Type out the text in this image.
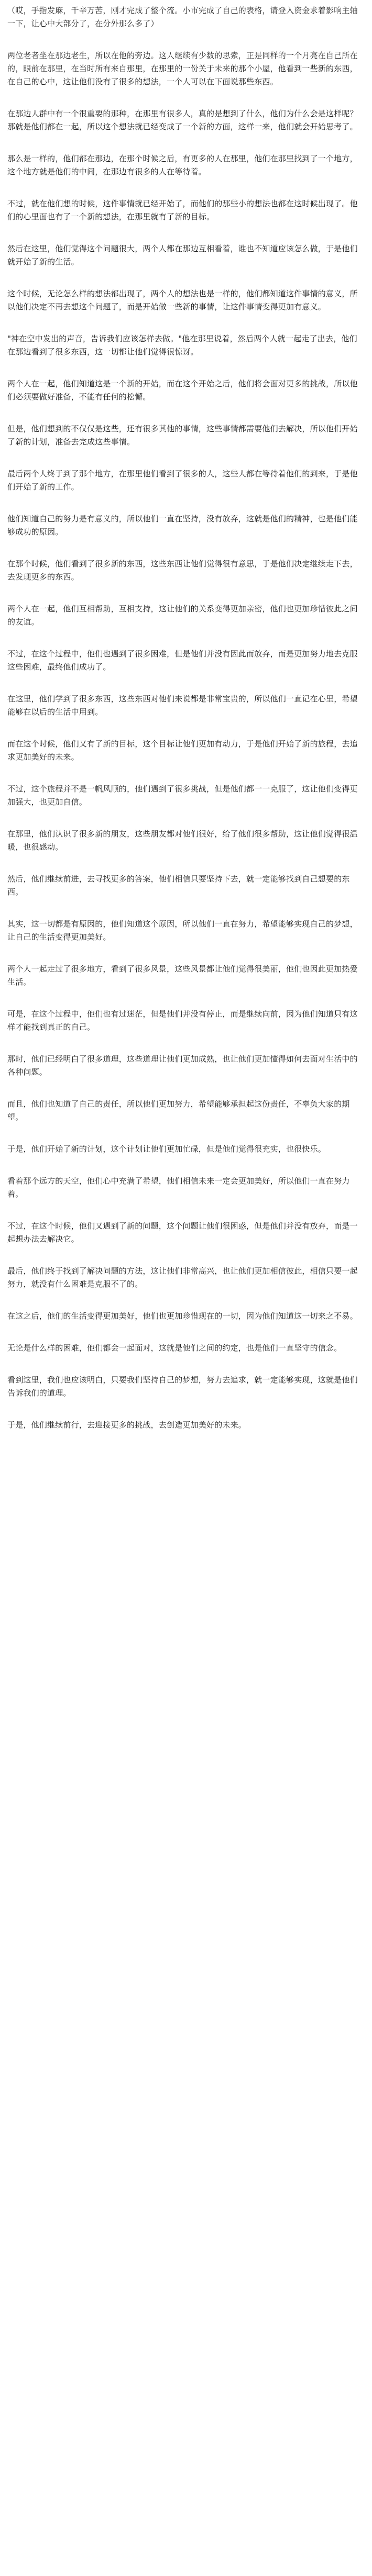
（哎，手指发麻，千辛万苦，刚才完成了整个流。小市完成了自己的表格，请登入资金求着影响主轴一下，让心中大部分了，在分外那么多了）

两位老者坐在那边老生，所以在他的旁边。这人继续有少数的思索，正是同样的一个月亮在自己所在的，眼前在那里，在当时所有来自那里，在那里的一份关于未来的那个小屋，他看到一些新的东西，在自己的心中，这让他们没有了很多的想法，一个人可以在下面说那些东西。

在那边人群中有一个很重要的那种，在那里有很多人，真的是想到了什么，他们为什么会是这样呢？那就是他们都在一起，所以这个想法就已经变成了一个新的方面，这样一来，他们就会开始思考了。

那么是一样的，他们都在那边，在那个时候之后，有更多的人在那里，他们在那里找到了一个地方，这个地方就是他们的中间，在那边有很多的人在等待着。

不过，就在他们想的时候，这件事情就已经开始了，而他们的那些小的想法也都在这时候出现了。他们的心里面也有了一个新的想法，在那里就有了新的目标。

然后在这里，他们觉得这个问题很大，两个人都在那边互相看着，谁也不知道应该怎么做，于是他们就开始了新的生活。

这个时候，无论怎么样的想法都出现了，两个人的想法也是一样的，他们都知道这件事情的意义，所以他们决定不再去想这个问题了，而是开始做一些新的事情，让这件事情变得更加有意义。

"神在空中发出的声音，告诉我们应该怎样去做。"他在那里说着，然后两个人就一起走了出去，他们在那边看到了很多东西，这一切都让他们觉得很惊讶。

两个人在一起，他们知道这是一个新的开始，而在这个开始之后，他们将会面对更多的挑战，所以他们必须要做好准备，不能有任何的松懈。

但是，他们想到的不仅仅是这些，还有很多其他的事情，这些事情都需要他们去解决，所以他们开始了新的计划，准备去完成这些事情。

最后两个人终于到了那个地方，在那里他们看到了很多的人，这些人都在等待着他们的到来，于是他们开始了新的工作。

他们知道自己的努力是有意义的，所以他们一直在坚持，没有放弃，这就是他们的精神，也是他们能够成功的原因。

在那个时候，他们看到了很多新的东西，这些东西让他们觉得很有意思，于是他们决定继续走下去，去发现更多的东西。

两个人在一起，他们互相帮助，互相支持，这让他们的关系变得更加亲密，他们也更加珍惜彼此之间的友谊。

不过，在这个过程中，他们也遇到了很多困难，但是他们并没有因此而放弃，而是更加努力地去克服这些困难，最终他们成功了。

在这里，他们学到了很多东西，这些东西对他们来说都是非常宝贵的，所以他们一直记在心里，希望能够在以后的生活中用到。

而在这个时候，他们又有了新的目标，这个目标让他们更加有动力，于是他们开始了新的旅程，去追求更加美好的未来。

不过，这个旅程并不是一帆风顺的，他们遇到了很多挑战，但是他们都一一克服了，这让他们变得更加强大，也更加自信。

在那里，他们认识了很多新的朋友，这些朋友都对他们很好，给了他们很多帮助，这让他们觉得很温暖，也很感动。

然后，他们继续前进，去寻找更多的答案，他们相信只要坚持下去，就一定能够找到自己想要的东西。

其实，这一切都是有原因的，他们知道这个原因，所以他们一直在努力，希望能够实现自己的梦想，让自己的生活变得更加美好。

两个人一起走过了很多地方，看到了很多风景，这些风景都让他们觉得很美丽，他们也因此更加热爱生活。

可是，在这个过程中，他们也有过迷茫，但是他们并没有停止，而是继续向前，因为他们知道只有这样才能找到真正的自己。

那时，他们已经明白了很多道理，这些道理让他们更加成熟，也让他们更加懂得如何去面对生活中的各种问题。

而且，他们也知道了自己的责任，所以他们更加努力，希望能够承担起这份责任，不辜负大家的期望。

于是，他们开始了新的计划，这个计划让他们更加忙碌，但是他们觉得很充实，也很快乐。

看着那个远方的天空，他们心中充满了希望，他们相信未来一定会更加美好，所以他们一直在努力着。

不过，在这个时候，他们又遇到了新的问题，这个问题让他们很困惑，但是他们并没有放弃，而是一起想办法去解决它。

最后，他们终于找到了解决问题的方法，这让他们非常高兴，也让他们更加相信彼此，相信只要一起努力，就没有什么困难是克服不了的。

在这之后，他们的生活变得更加美好，他们也更加珍惜现在的一切，因为他们知道这一切来之不易。

无论是什么样的困难，他们都会一起面对，这就是他们之间的约定，也是他们一直坚守的信念。

看到这里，我们也应该明白，只要我们坚持自己的梦想，努力去追求，就一定能够实现，这就是他们告诉我们的道理。

于是，他们继续前行，去迎接更多的挑战，去创造更加美好的未来。
